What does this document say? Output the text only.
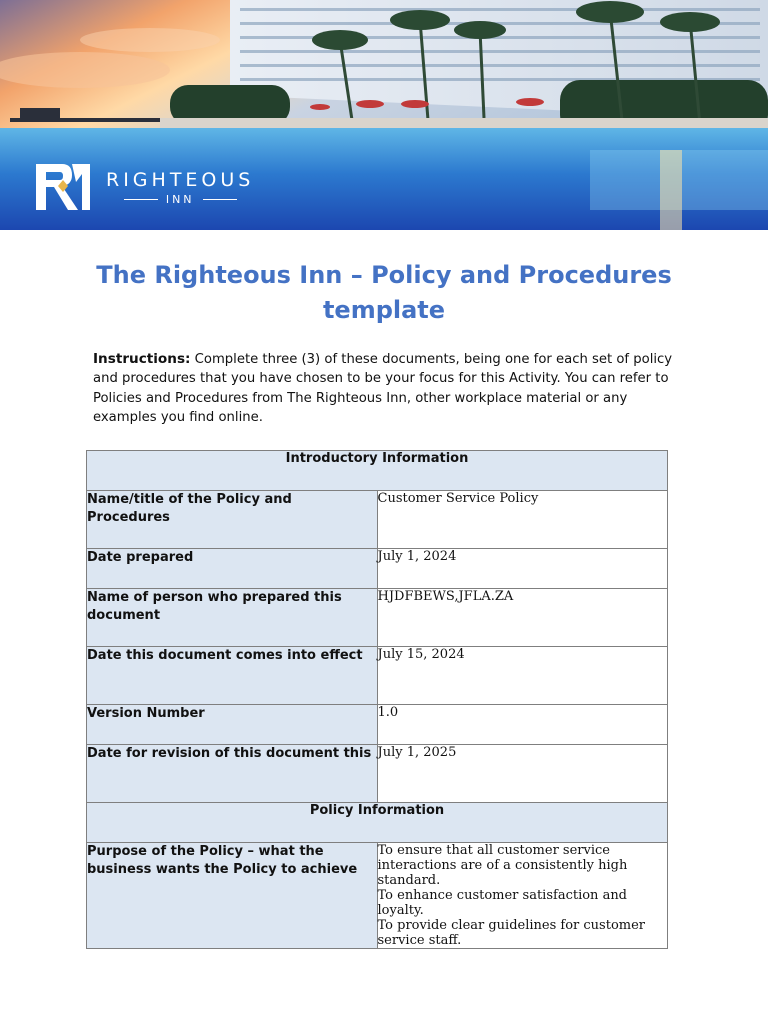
RIGHTEOUS
INN
The Righteous Inn – Policy and Procedures template
Instructions: Complete three (3) of these documents, being one for each set of policy and procedures that you have chosen to be your focus for this Activity. You can refer to Policies and Procedures from The Righteous Inn, other workplace material or any examples you find online.
Introductory Information	
Name/title of the Policy and Procedures	Customer Service Policy
Date prepared	July 1, 2024
Name of person who prepared this document	HJDFBEWS,JFLA.ZA
Date this document comes into effect	July 15, 2024
Version Number	1.0
Date for revision of this document this	July 1, 2025
Policy Information	
Purpose of the Policy – what the business wants the Policy to achieve	To ensure that all customer service interactions are of a consistently high standard.
To enhance customer satisfaction and loyalty.
To provide clear guidelines for customer service staff.
